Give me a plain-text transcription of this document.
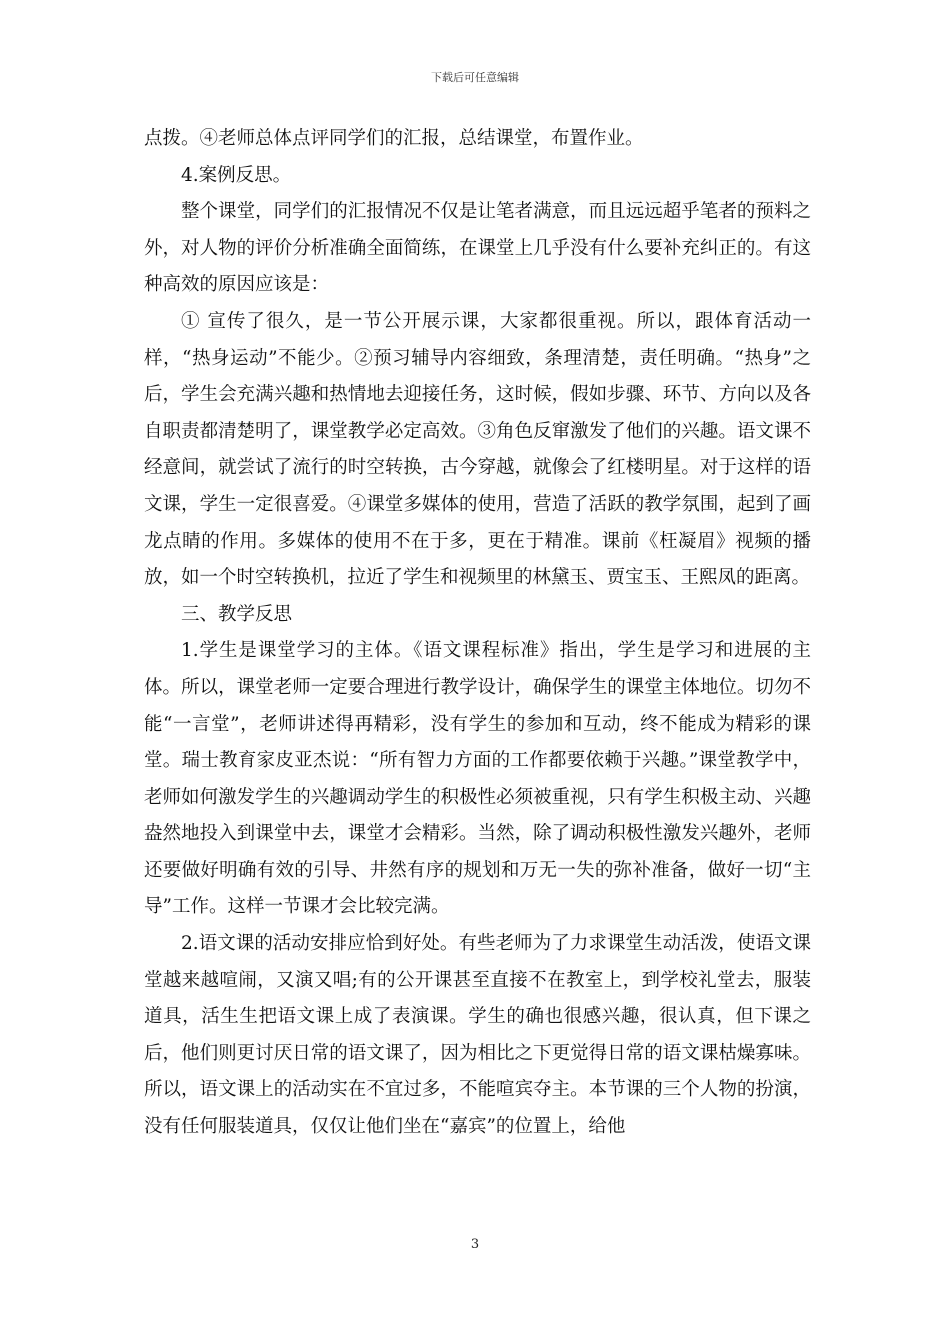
下载后可任意编辑

点拨。④老师总体点评同学们的汇报，总结课堂，布置作业。

4.案例反思。

整个课堂，同学们的汇报情况不仅是让笔者满意，而且远远超乎笔者的预料之外，对人物的评价分析准确全面简练，在课堂上几乎没有什么要补充纠正的。有这种高效的原因应该是：

① 宣传了很久，是一节公开展示课，大家都很重视。所以，跟体育活动一样，“热身运动”不能少。②预习辅导内容细致，条理清楚，责任明确。“热身”之后，学生会充满兴趣和热情地去迎接任务，这时候，假如步骤、环节、方向以及各自职责都清楚明了，课堂教学必定高效。③角色反窜激发了他们的兴趣。语文课不经意间，就尝试了流行的时空转换，古今穿越，就像会了红楼明星。对于这样的语文课，学生一定很喜爱。④课堂多媒体的使用，营造了活跃的教学氛围，起到了画龙点睛的作用。多媒体的使用不在于多，更在于精准。课前《枉凝眉》视频的播放，如一个时空转换机，拉近了学生和视频里的林黛玉、贾宝玉、王熙凤的距离。

三、教学反思

1.学生是课堂学习的主体。《语文课程标准》指出，学生是学习和进展的主体。所以，课堂老师一定要合理进行教学设计，确保学生的课堂主体地位。切勿不能“一言堂”，老师讲述得再精彩，没有学生的参加和互动，终不能成为精彩的课堂。瑞士教育家皮亚杰说：“所有智力方面的工作都要依赖于兴趣。”课堂教学中，老师如何激发学生的兴趣调动学生的积极性必须被重视，只有学生积极主动、兴趣盎然地投入到课堂中去，课堂才会精彩。当然，除了调动积极性激发兴趣外，老师还要做好明确有效的引导、井然有序的规划和万无一失的弥补准备，做好一切“主导”工作。这样一节课才会比较完满。

2.语文课的活动安排应恰到好处。有些老师为了力求课堂生动活泼，使语文课堂越来越喧闹，又演又唱;有的公开课甚至直接不在教室上，到学校礼堂去，服装道具，活生生把语文课上成了表演课。学生的确也很感兴趣，很认真，但下课之后，他们则更讨厌日常的语文课了，因为相比之下更觉得日常的语文课枯燥寡味。所以，语文课上的活动实在不宜过多，不能喧宾夺主。本节课的三个人物的扮演，没有任何服装道具，仅仅让他们坐在“嘉宾”的位置上，给他

3
